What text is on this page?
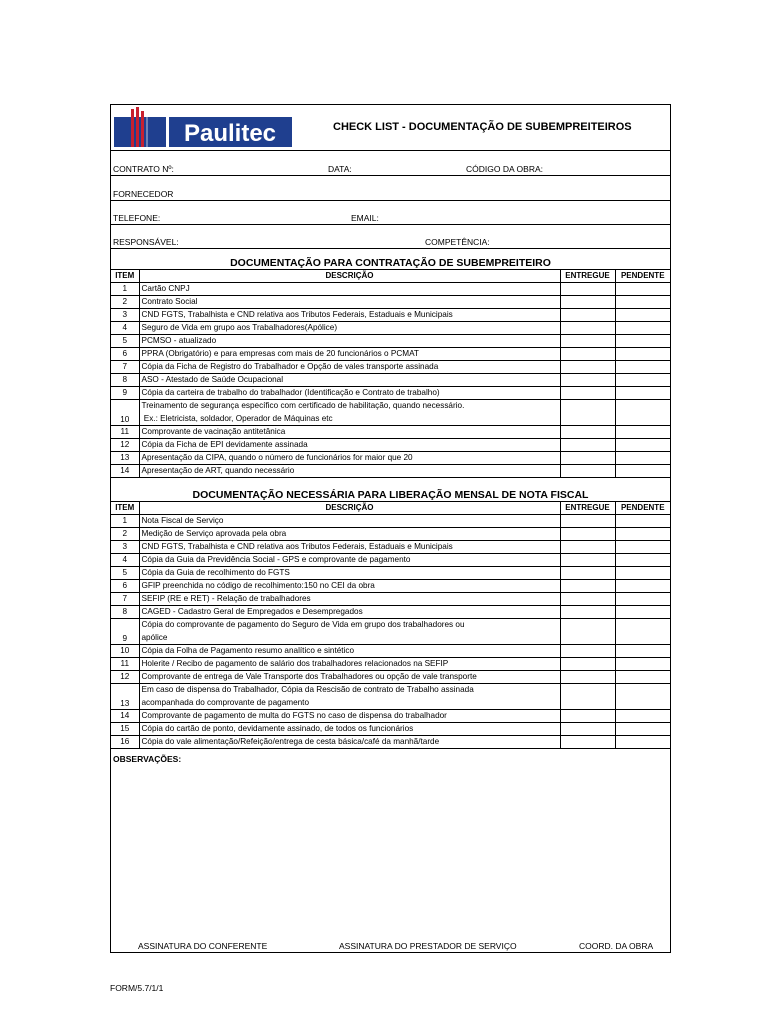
Paulitec	CHECK LIST - DOCUMENTAÇÃO DE SUBEMPREITEIROS
CONTRATO Nº:	DATA:	CÓDIGO DA OBRA:
FORNECEDOR
TELEFONE:	EMAIL:
RESPONSÁVEL:	COMPETÊNCIA:
DOCUMENTAÇÃO PARA CONTRATAÇÃO DE SUBEMPREITEIRO
ITEM	DESCRIÇÃO	ENTREGUE	PENDENTE
1	Cartão CNPJ		
2	Contrato Social		
3	CND FGTS, Trabalhista e CND relativa aos Tributos Federais, Estaduais e Municipais		
4	Seguro de Vida em grupo aos Trabalhadores(Apólice)		
5	PCMSO - atualizado		
6	PPRA (Obrigatório) e para empresas com mais de 20 funcionários o PCMAT		
7	Cópia da Ficha de Registro do Trabalhador e Opção de vales transporte assinada		
8	ASO - Atestado de Saúde Ocupacional		
9	Cópia da carteira de trabalho do trabalhador (Identificação e Contrato de trabalho)		
10	Treinamento de segurança específico com certificado de habilitação, quando necessário.
Ex.: Eletricista, soldador, Operador de Máquinas etc		

11	Comprovante de vacinação antitetânica		
12	Cópia da Ficha de EPI devidamente assinada		
13	Apresentação da CIPA, quando o número de funcionários for maior que 20		
14	Apresentação de ART, quando necessário		
DOCUMENTAÇÃO NECESSÁRIA PARA LIBERAÇÃO MENSAL DE NOTA FISCAL
ITEM	DESCRIÇÃO	ENTREGUE	PENDENTE
1	Nota Fiscal de Serviço		
2	Medição de Serviço aprovada pela obra		
3	CND FGTS, Trabalhista e CND relativa aos Tributos Federais, Estaduais e Municipais		
4	Cópia da Guia da Previdência Social - GPS e comprovante de pagamento		
5	Cópia da Guia de recolhimento do FGTS		
6	GFIP preenchida no código de recolhimento:150 no CEI da obra		
7	SEFIP (RE e RET) - Relação de trabalhadores		
8	CAGED - Cadastro Geral de Empregados e Desempregados		
9	Cópia do comprovante de pagamento do Seguro de Vida em grupo dos trabalhadores ou
apólice		

10	Cópia da Folha de Pagamento resumo analítico e sintético		
11	Holerite / Recibo de pagamento de salário dos trabalhadores relacionados na SEFIP		
12	Comprovante de entrega de Vale Transporte dos Trabalhadores ou opção de vale transporte		
13	Em caso de dispensa do Trabalhador, Cópia da Rescisão de contrato de Trabalho assinada
acompanhada do comprovante de pagamento		

14	Comprovante de pagamento de multa do FGTS no caso de dispensa do trabalhador		
15	Cópia do cartão de ponto, devidamente assinado, de todos os funcionários		
16	Cópia do vale alimentação/Refeição/entrega de cesta básica/café da manhã/tarde		
OBSERVAÇÕES:
ASSINATURA DO CONFERENTE	ASSINATURA DO PRESTADOR DE SERVIÇO	COORD. DA OBRA
FORM/5.7/1/1
